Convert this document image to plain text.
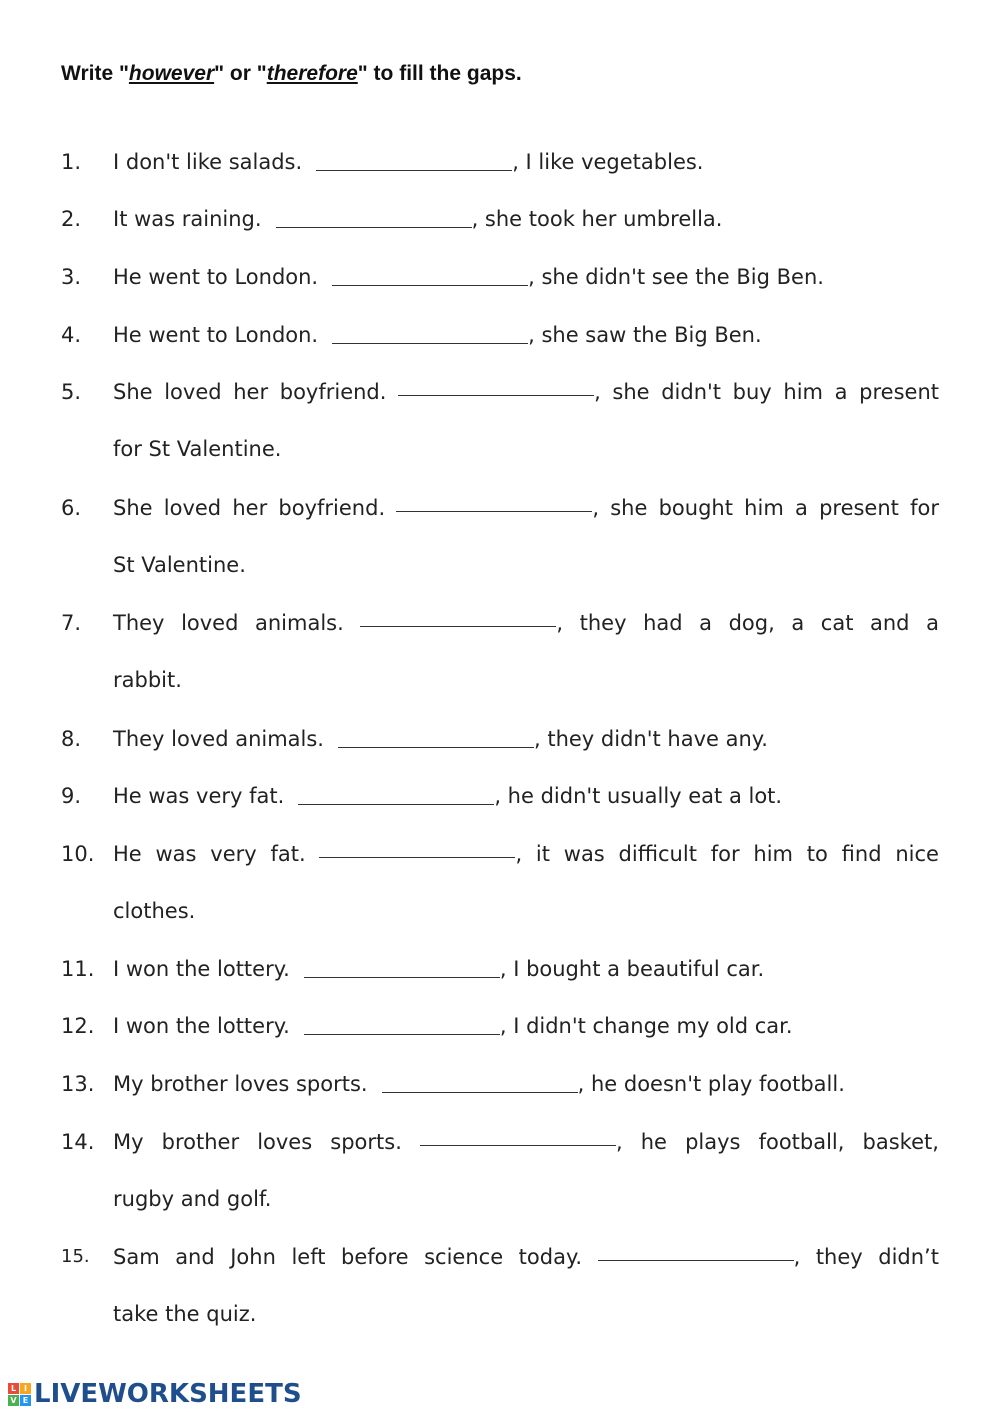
Write "however" or "therefore" to fill the gaps.
1. I don't like salads.	, I like vegetables.
2. It was raining.	, she took her umbrella.
3. He went to London.	, she didn't see the Big Ben.
4. He went to London.	, she saw the Big Ben.
5. She loved her boyfriend.	, she didn't buy him a present
for St Valentine.
6. She loved her boyfriend.	, she bought him a present for
St Valentine.
7. They loved animals.	, they had a dog, a cat and a
rabbit.
8. They loved animals.	, they didn't have any.
9. He was very fat.	, he didn't usually eat a lot.
10. He was very fat.	, it was difficult for him to find nice
clothes.
11. I won the lottery.	, I bought a beautiful car.
12. I won the lottery.	, I didn't change my old car.
13. My brother loves sports.	, he doesn't play football.
14. My brother loves sports.	, he plays football, basket,
rugby and golf.
15. Sam and John left before science today.	, they didn’t
take the quiz.
L I
V E LIVEWORKSHEETS
